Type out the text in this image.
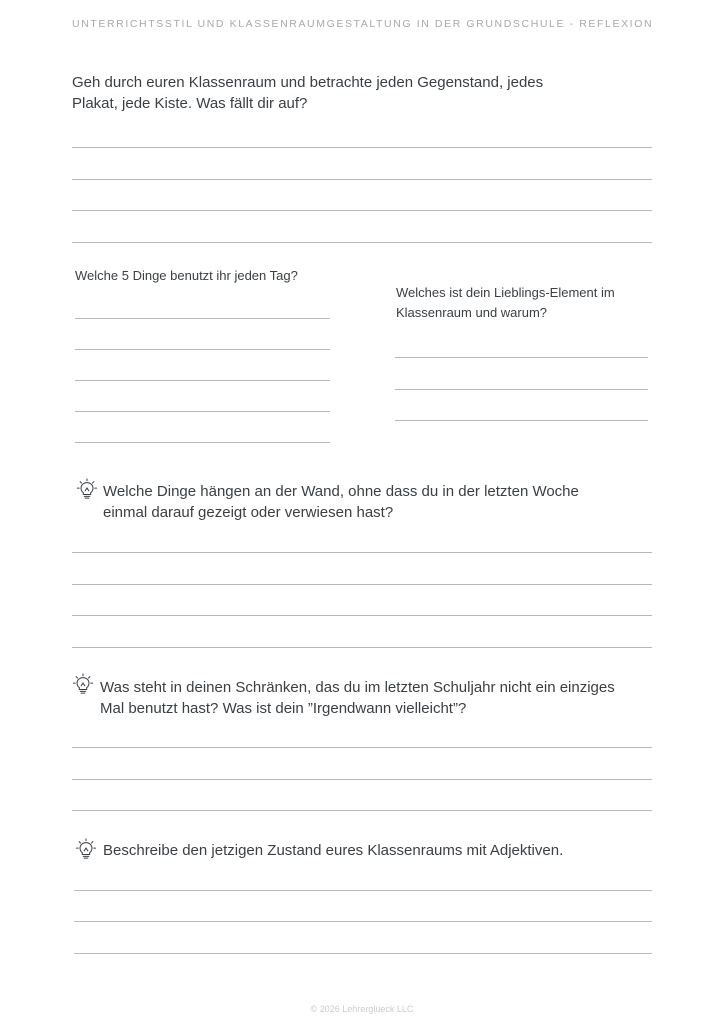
UNTERRICHTSSTIL UND KLASSENRAUMGESTALTUNG IN DER GRUNDSCHULE - REFLEXION
Geh durch euren Klassenraum und betrachte jeden Gegenstand, jedes
Plakat, jede Kiste. Was fällt dir auf?
Welche 5 Dinge benutzt ihr jeden Tag?
Welches ist dein Lieblings-Element im
Klassenraum und warum?
Welche Dinge hängen an der Wand, ohne dass du in der letzten Woche
einmal darauf gezeigt oder verwiesen hast?
Was steht in deinen Schränken, das du im letzten Schuljahr nicht ein einziges
Mal benutzt hast? Was ist dein ”Irgendwann vielleicht”?
Beschreibe den jetzigen Zustand eures Klassenraums mit Adjektiven.
© 2026 Lehrerglueck LLC
